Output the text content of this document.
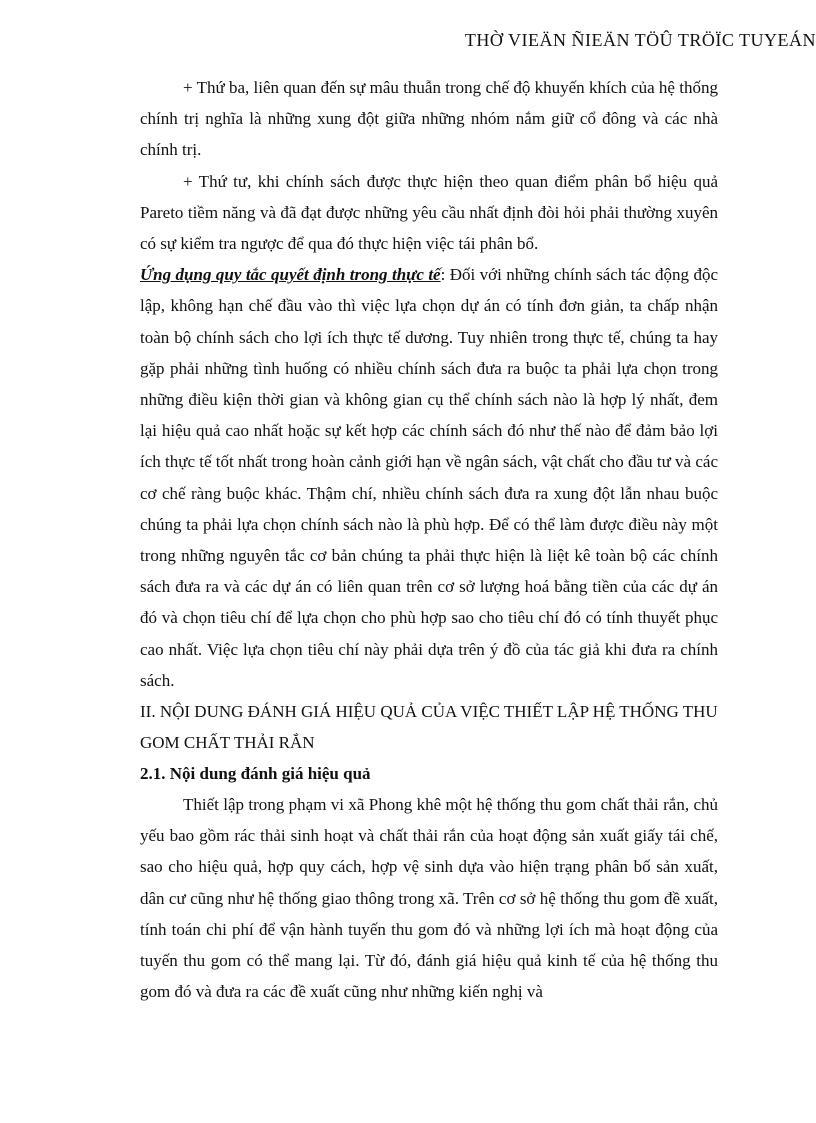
THỜ VIEÄN ÑIEÄN TÖÛ TRÖÏC TUYEÁN

+ Thứ ba, liên quan đến sự mâu thuẫn trong chế độ khuyến khích của hệ thống chính trị nghĩa là những xung đột giữa những nhóm nắm giữ cổ đông và các nhà chính trị.

+ Thứ tư, khi chính sách được thực hiện theo quan điểm phân bổ hiệu quả Pareto tiềm năng và đã đạt được những yêu cầu nhất định đòi hỏi phải thường xuyên có sự kiểm tra ngược để qua đó thực hiện việc tái phân bổ.

Ứng dụng quy tắc quyết định trong thực tế: Đối với những chính sách tác động độc lập, không hạn chế đầu vào thì việc lựa chọn dự án có tính đơn giản, ta chấp nhận toàn bộ chính sách cho lợi ích thực tế dương. Tuy nhiên trong thực tế, chúng ta hay gặp phải những tình huống có nhiều chính sách đưa ra buộc ta phải lựa chọn trong những điều kiện thời gian và không gian cụ thể chính sách nào là hợp lý nhất, đem lại hiệu quả cao nhất hoặc sự kết hợp các chính sách đó như thế nào để đảm bảo lợi ích thực tế tốt nhất trong hoàn cảnh giới hạn về ngân sách, vật chất cho đầu tư và các cơ chế ràng buộc khác. Thậm chí, nhiều chính sách đưa ra xung đột lẫn nhau buộc chúng ta phải lựa chọn chính sách nào là phù hợp. Để có thể làm được điều này một trong những nguyên tắc cơ bản chúng ta phải thực hiện là liệt kê toàn bộ các chính sách đưa ra và các dự án có liên quan trên cơ sở lượng hoá bằng tiền của các dự án đó và chọn tiêu chí để lựa chọn cho phù hợp sao cho tiêu chí đó có tính thuyết phục cao nhất. Việc lựa chọn tiêu chí này phải dựa trên ý đồ của tác giả khi đưa ra chính sách.

II. NỘI DUNG ĐÁNH GIÁ HIỆU QUẢ CỦA VIỆC THIẾT LẬP HỆ THỐNG THU GOM CHẤT THẢI RẮN

2.1. Nội dung đánh giá hiệu quả

Thiết lập trong phạm vi xã Phong khê một hệ thống thu gom chất thải rắn, chủ yếu bao gồm rác thải sinh hoạt và chất thải rắn của hoạt động sản xuất giấy tái chế, sao cho hiệu quả, hợp quy cách, hợp vệ sinh dựa vào hiện trạng phân bố sản xuất, dân cư cũng như hệ thống giao thông trong xã. Trên cơ sở hệ thống thu gom đề xuất, tính toán chi phí để vận hành tuyến thu gom đó và những lợi ích mà hoạt động của tuyến thu gom có thể mang lại. Từ đó, đánh giá hiệu quả kinh tế của hệ thống thu gom đó và đưa ra các đề xuất cũng như những kiến nghị và
